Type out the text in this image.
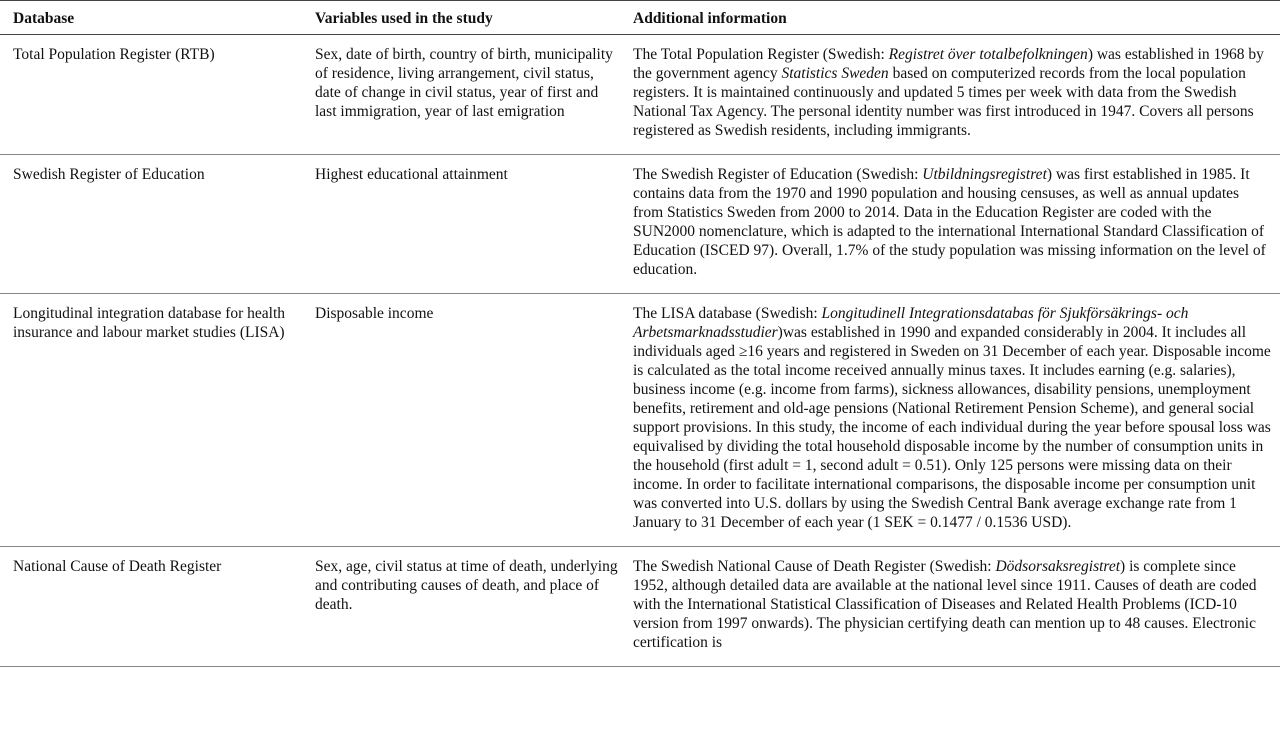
Database	Variables used in the study	Additional information
Total Population Register (RTB)	Sex, date of birth, country of birth, municipality of residence, living arrangement, civil status, date of change in civil status, year of first and last immigration, year of last emigration	The Total Population Register (Swedish: Registret över totalbefolkningen) was established in 1968 by the government agency Statistics Sweden based on computerized records from the local population registers. It is maintained continuously and updated 5 times per week with data from the Swedish National Tax Agency. The personal identity number was first introduced in 1947. Covers all persons registered as Swedish residents, including immigrants.
Swedish Register of Education	Highest educational attainment	The Swedish Register of Education (Swedish: Utbildningsregistret) was first established in 1985. It contains data from the 1970 and 1990 population and housing censuses, as well as annual updates from Statistics Sweden from 2000 to 2014. Data in the Education Register are coded with the SUN2000 nomenclature, which is adapted to the international International Standard Classification of Education (ISCED 97). Overall, 1.7% of the study population was missing information on the level of education.
Longitudinal integration database for health insurance and labour market studies (LISA)	Disposable income	The LISA database (Swedish: Longitudinell Integrationsdatabas för Sjukförsäkrings- och Arbetsmarknadsstudier)was established in 1990 and expanded considerably in 2004. It includes all individuals aged ≥16 years and registered in Sweden on 31 December of each year. Disposable income is calculated as the total income received annually minus taxes. It includes earning (e.g. salaries), business income (e.g. income from farms), sickness allowances, disability pensions, unemployment benefits, retirement and old-age pensions (National Retirement Pension Scheme), and general social support provisions. In this study, the income of each individual during the year before spousal loss was equivalised by dividing the total household disposable income by the number of consumption units in the household (first adult = 1, second adult = 0.51). Only 125 persons were missing data on their income. In order to facilitate international comparisons, the disposable income per consumption unit was converted into U.S. dollars by using the Swedish Central Bank average exchange rate from 1 January to 31 December of each year (1 SEK = 0.1477 / 0.1536 USD).
National Cause of Death Register	Sex, age, civil status at time of death, underlying and contributing causes of death, and place of death.	The Swedish National Cause of Death Register (Swedish: Dödsorsaksregistret) is complete since 1952, although detailed data are available at the national level since 1911. Causes of death are coded with the International Statistical Classification of Diseases and Related Health Problems (ICD-10 version from 1997 onwards). The physician certifying death can mention up to 48 causes. Electronic certification is
